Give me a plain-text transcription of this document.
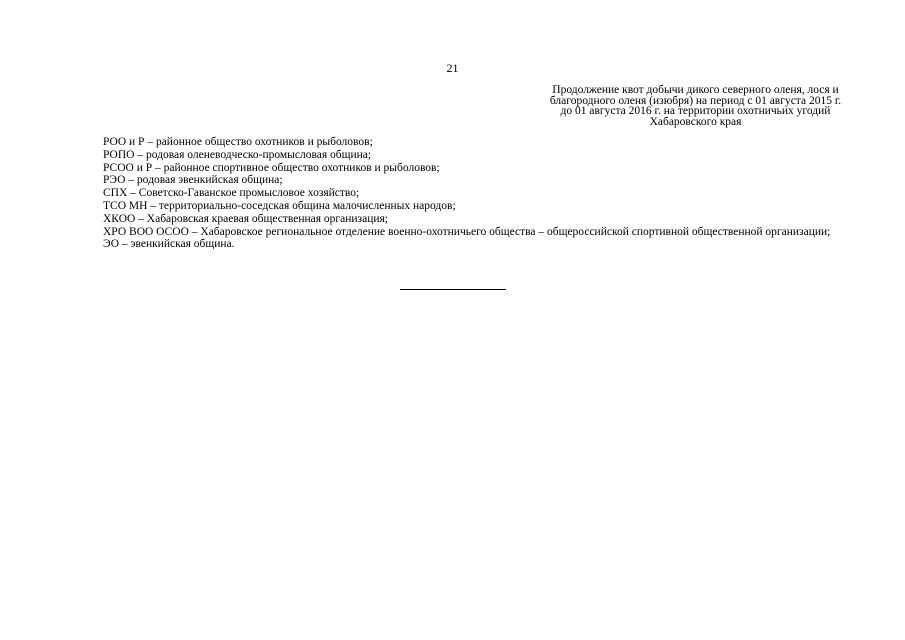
21
Продолжение квот добычи дикого северного оленя, лося и
благородного оленя (изюбря) на период с 01 августа 2015 г.
до 01 августа 2016 г. на территории охотничьих угодий
Хабаровского края
РОО и Р – районное общество охотников и рыболовов;
РОПО – родовая оленеводческо-промысловая община;
РСОО и Р – районное спортивное общество охотников и рыболовов;
РЭО – родовая эвенкийская община;
СПХ – Советско-Гаванское промысловое хозяйство;
ТСО МН – территориально-соседская община малочисленных народов;
ХКОО – Хабаровская краевая общественная организация;
ХРО ВОО ОСОО – Хабаровское региональное отделение военно-охотничьего общества – общероссийской спортивной общественной организации;
ЭО – эвенкийская община.
